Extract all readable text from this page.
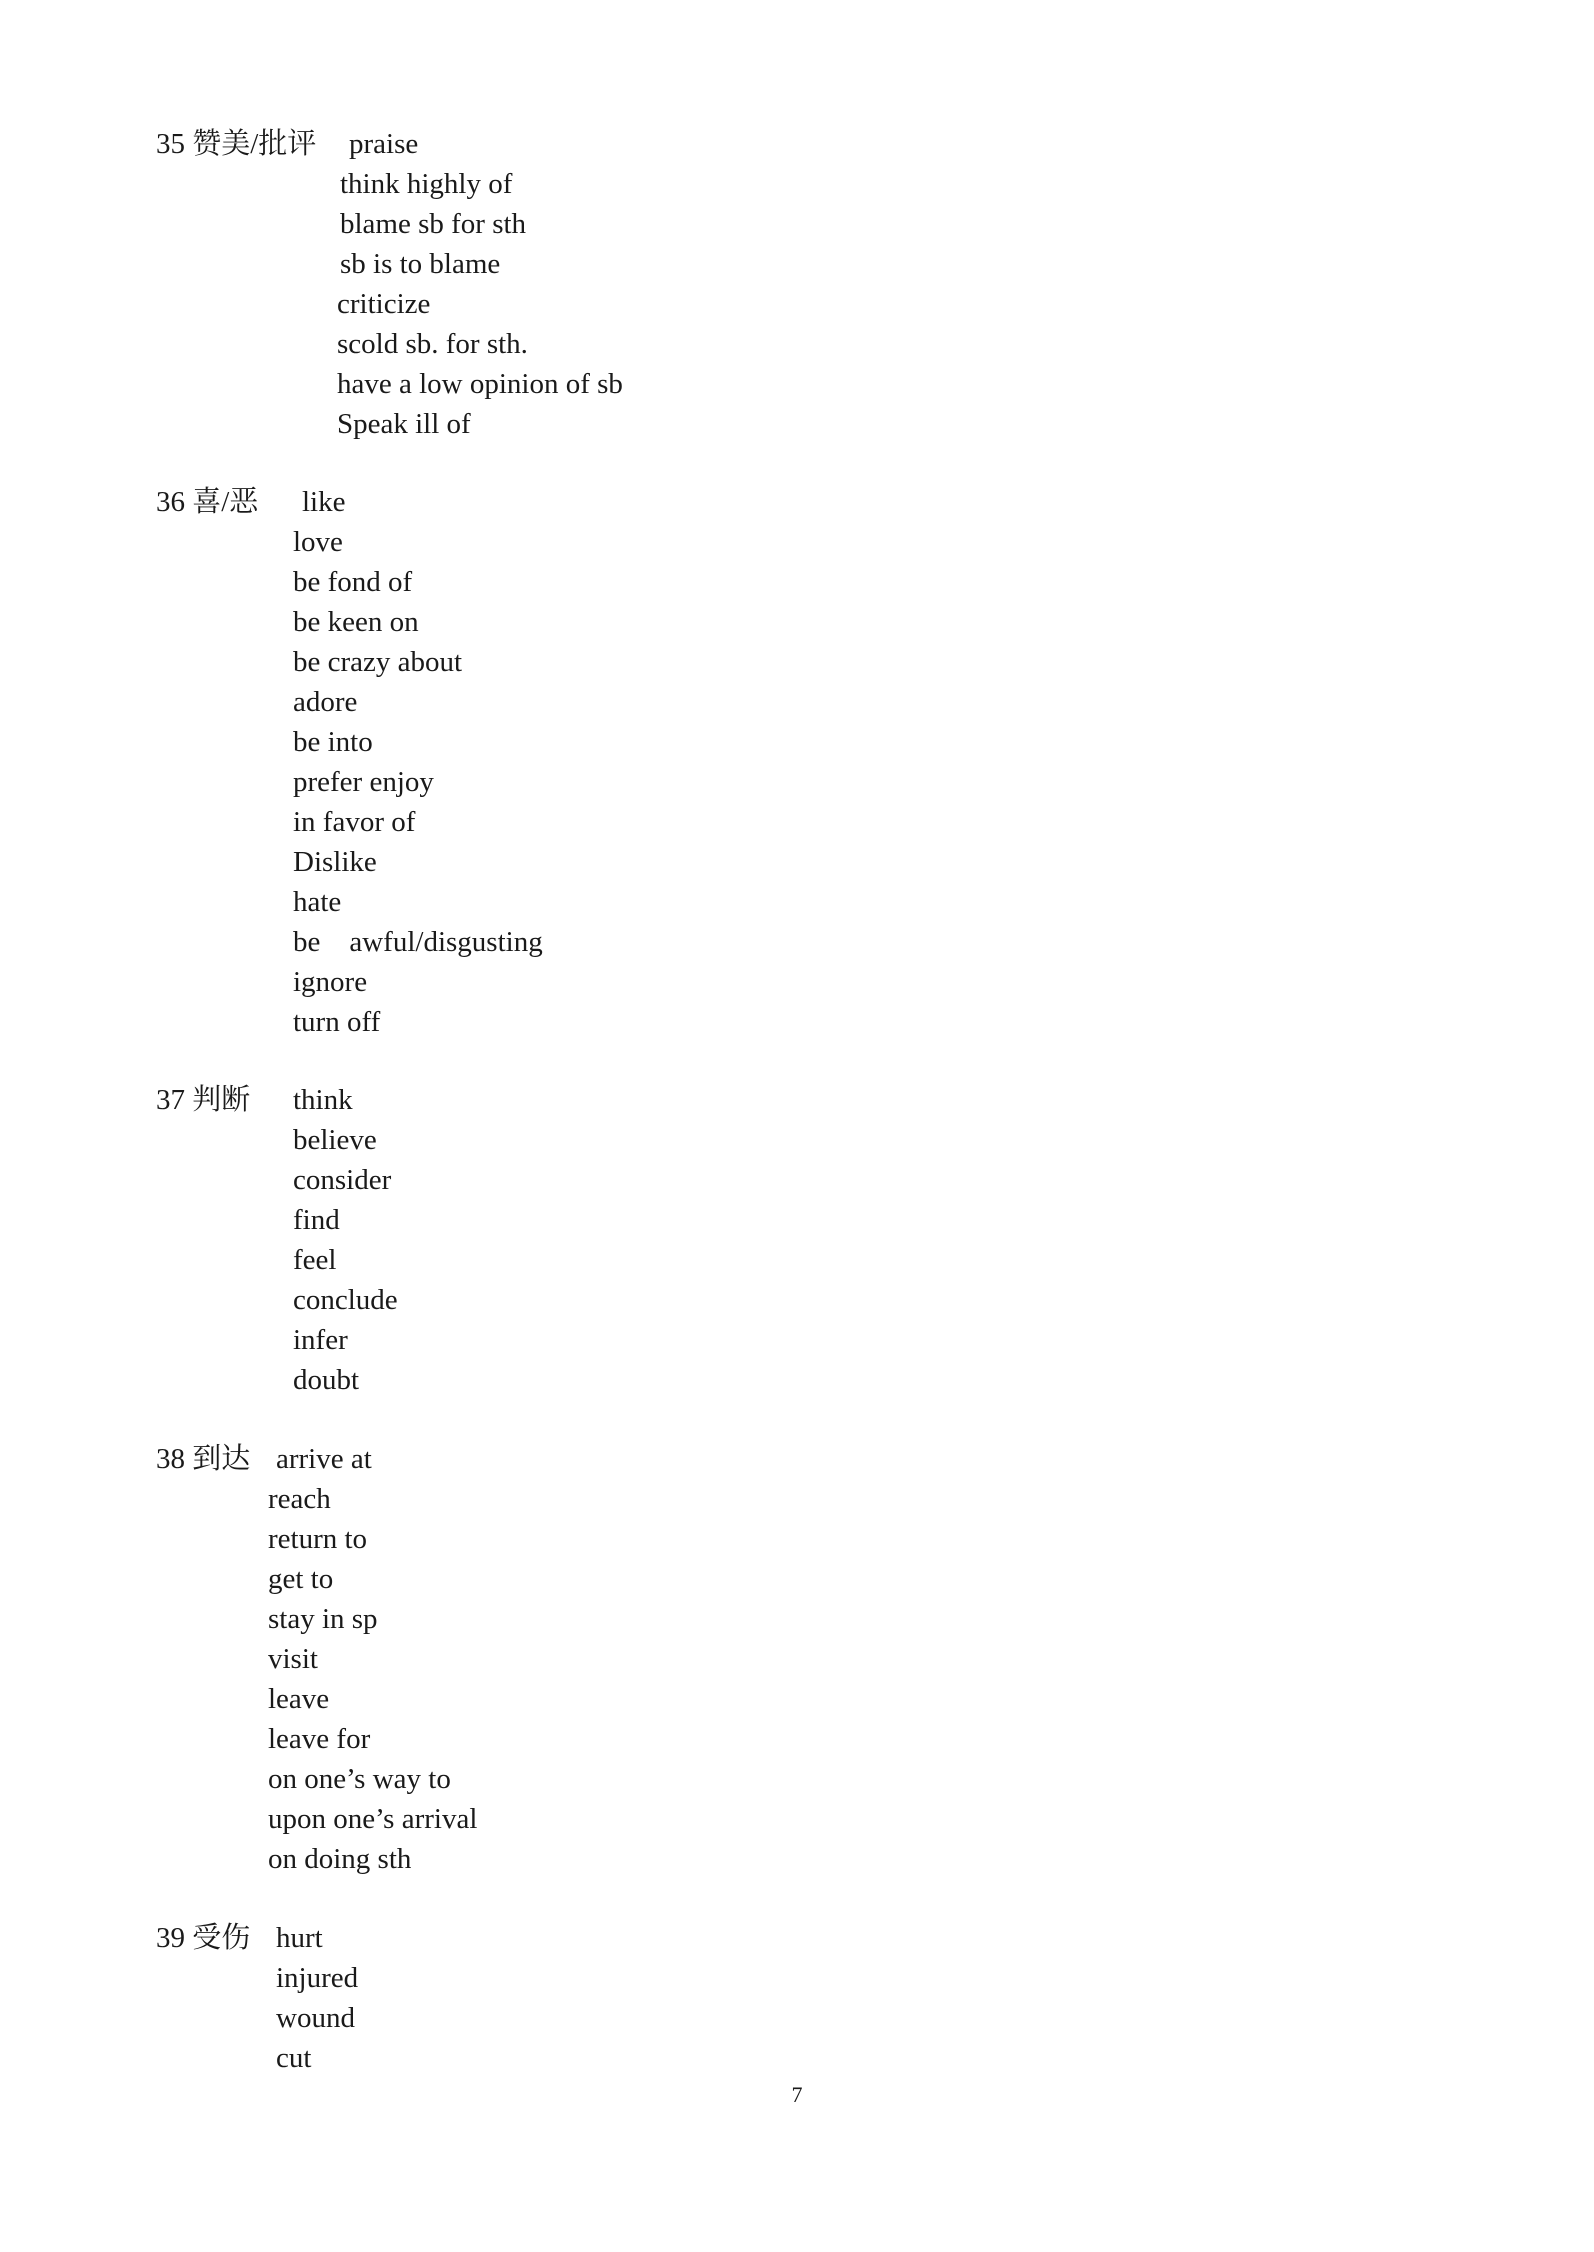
35 赞美/批评

praise

think highly of
blame sb for sth
sb is to blame
criticize
scold sb. for sth.
have a low opinion of sb
Speak ill of

36 喜/恶

like

love
be fond of
be keen on
be crazy about
adore
be into
prefer enjoy
in favor of
Dislike
hate
be    awful/disgusting
ignore
turn off

37 判断

think

believe
consider
find
feel
conclude
infer
doubt

38 到达

arrive at

reach
return to
get to
stay in sp
visit
leave
leave for
on one’s way to
upon one’s arrival
on doing sth

39 受伤

hurt

injured
wound
cut
7
